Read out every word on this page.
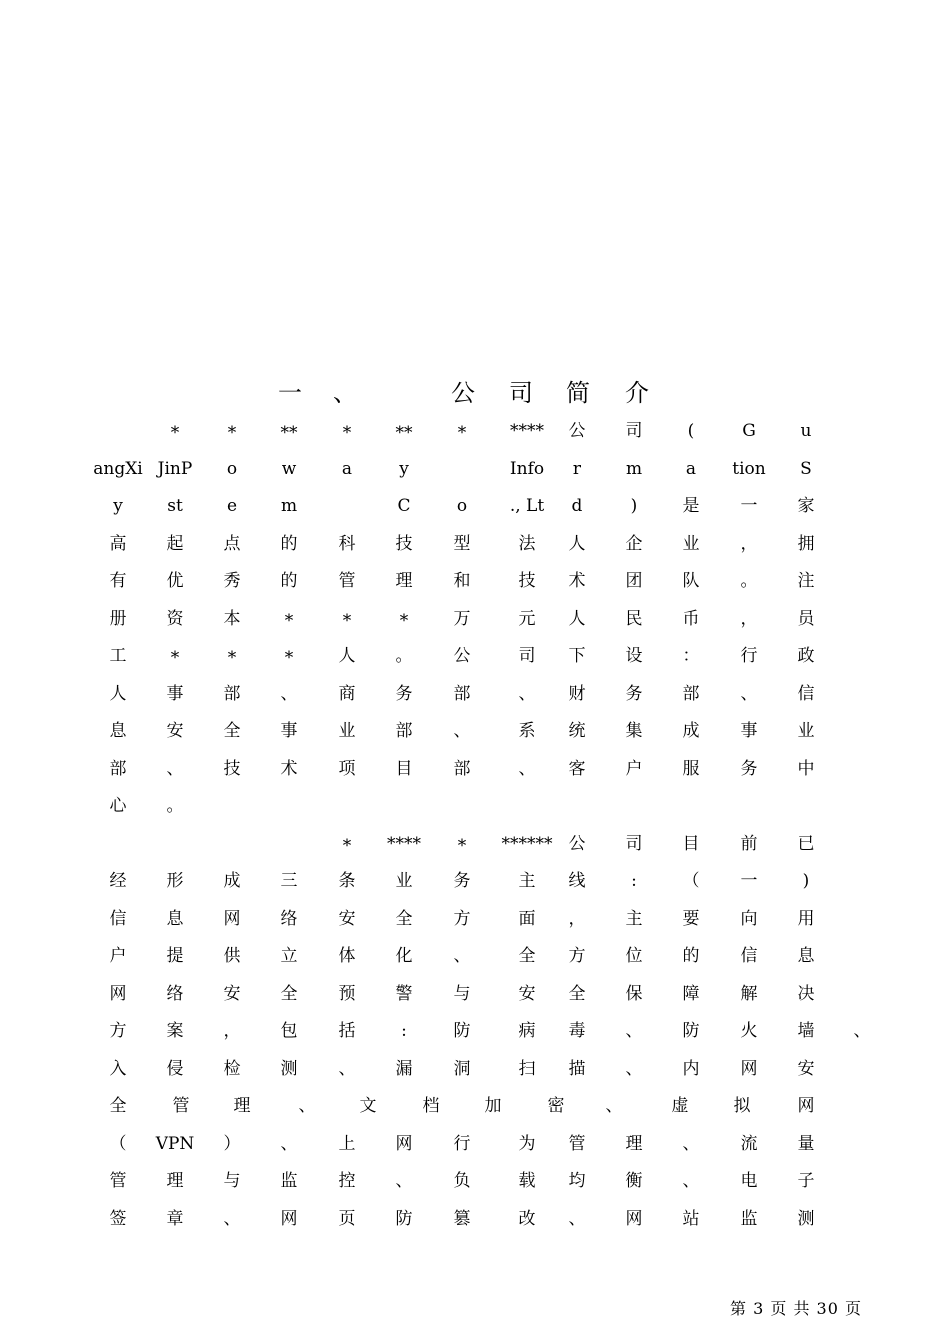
一 、	公 司 简 介
*	*	**	*	**	*	**** 公 司	(	G	u
angXi JinP o	w	a	y	Info r	m	a tion S
y	st	e	m	C	o	., Lt d	)	是 一 家
高 起 点 的 科 技 型	法 人 企 业 ， 拥
有 优 秀 的 管 理 和	技 术 团 队 。 注
册 资 本	*	*	*	万	元 人 民 币 ， 员
工	*	*	*	人 。 公	司 下 设 ： 行 政
人 事 部 、 商 务 部	、 财 务 部 、 信
息 安 全 事 业 部 、	系 统 集 成 事 业
部 、 技 术 项 目 部	、 客 户 服 务 中
心 。
* **** * ****** 公 司 目 前 已
经 形 成 三 条 业 务	主 线	:	（ 一	)
信 息 网 络 安 全 方	面 ， 主 要 向 用
户 提 供 立 体 化 、	全 方 位 的 信 息
网 络 安 全 预 警 与	安 全 保 障 解 决
方 案 ， 包 括	:	防	病 毒 、 防 火 墙 、
入 侵 检 测 、 漏 洞	扫 描 、 内 网 安
全	管	理	、	文	档	加	密 、	虚	拟	网
（ VPN ） 、 上 网 行	为 管 理 、 流 量
管 理 与 监 控 、 负	载 均 衡 、 电 子
签 章 、 网 页 防 篡	改 、 网 站 监 测
第 3 页 共 30 页
